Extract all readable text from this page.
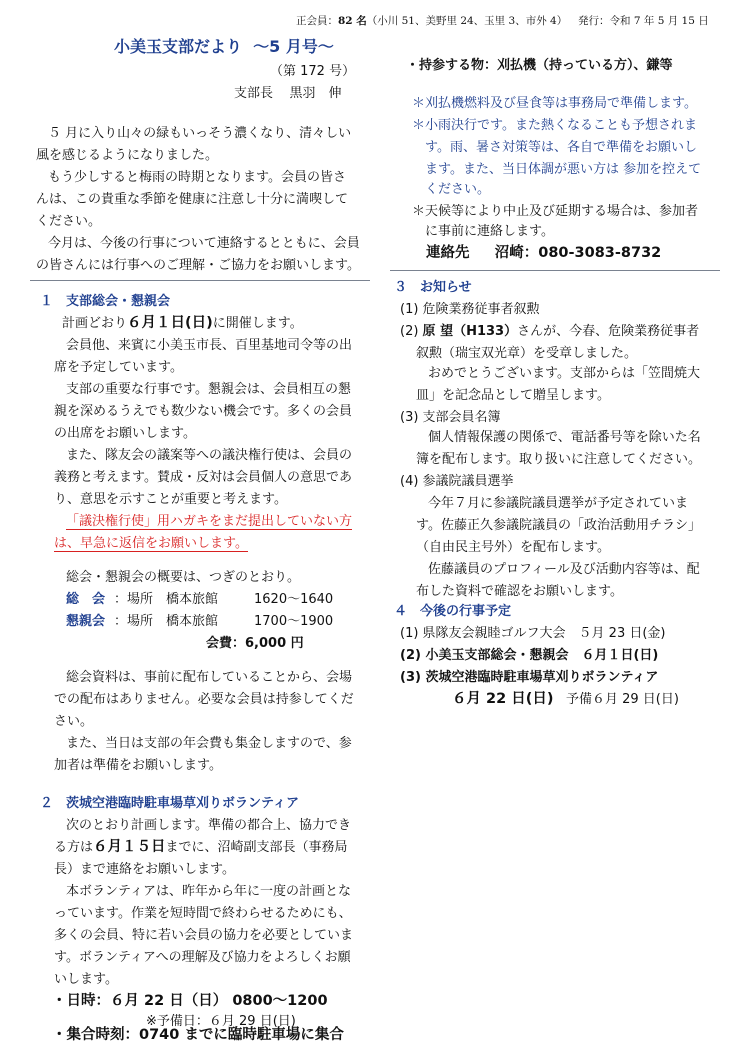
正会員：82 名（小川 51、美野里 24、玉里 3、市外 4） 発行：令和 7 年 5 月 15 日
小美玉支部だより ～5 月号～
（第 172 号）
支部長 黒羽　伸
５ 月に入り山々の緑もいっそう濃くなり、清々しい
風を感じるようになりました。
もう少しすると梅雨の時期となります。会員の皆さ
んは、この貴重な季節を健康に注意し十分に満喫して
ください。
今月は、今後の行事について連絡するとともに、会員
の皆さんには行事へのご理解・ご協力をお願いします。
１　支部総会・懇親会
計画どおり６月１日(日)に開催します。
会員他、来賓に小美玉市長、百里基地司令等の出
席を予定しています。
支部の重要な行事です。懇親会は、会員相互の懇
親を深めるうえでも数少ない機会です。多くの会員
の出席をお願いします。
また、隊友会の議案等への議決権行使は、会員の
義務と考えます。賛成・反対は会員個人の意思であ
り、意思を示すことが重要と考えます。
「議決権行使」用ハガキをまだ提出していない方
は、早急に返信をお願いします。
総会・懇親会の概要は、つぎのとおり。
総　会 ：場所　橋本旅館	1620～1640
懇親会 ：場所　橋本旅館	1700～1900
会費：6,000 円
総会資料は、事前に配布していることから、会場
での配布はありません。必要な会員は持参してくだ
さい。
また、当日は支部の年会費も集金しますので、参
加者は準備をお願いします。
２　茨城空港臨時駐車場草刈りボランティア
次のとおり計画します。準備の都合上、協力でき
る方は６月１５日までに、沼崎副支部長（事務局
長）まで連絡をお願いします。
本ボランティアは、昨年から年に一度の計画とな
っています。作業を短時間で終わらせるためにも、
多くの会員、特に若い会員の協力を必要としていま
す。ボランティアへの理解及び協力をよろしくお願
いします。
・日時：６月 22 日（日） 0800～1200
※予備日：６月 29 日(日)
・集合時刻：0740 までに臨時駐車場に集合
・持参する物：刈払機（持っている方）、鎌等
＊刈払機燃料及び昼食等は事務局で準備します。
＊小雨決行です。また熱くなることも予想されま
　す。雨、暑さ対策等は、各自で準備をお願いし
　ます。また、当日体調が悪い方は 参加を控えて
　ください。
＊天候等により中止及び延期する場合は、参加者
　に事前に連絡します。
連絡先 沼崎：080-3083-8732
３　お知らせ
(1) 危険業務従事者叙勲
(2) 原 望（H133）さんが、今春、危険業務従事者
叙勲（瑞宝双光章）を受章しました。
おめでとうございます。支部からは「笠間焼大
皿」を記念品として贈呈します。
(3) 支部会員名簿
個人情報保護の関係で、電話番号等を除いた名
簿を配布します。取り扱いに注意してください。
(4) 参議院議員選挙
今年７月に参議院議員選挙が予定されていま
す。佐藤正久参議院議員の「政治活動用チラシ」
（自由民主号外）を配布します。
佐藤議員のプロフィール及び活動内容等は、配
布した資料で確認をお願いします。
４　今後の行事予定
(1) 県隊友会親睦ゴルフ大会　５月 23 日(金)
(2) 小美玉支部総会・懇親会　６月１日(日)
(3) 茨城空港臨時駐車場草刈りボランティア
６月 22 日(日) 予備６月 29 日(日)
